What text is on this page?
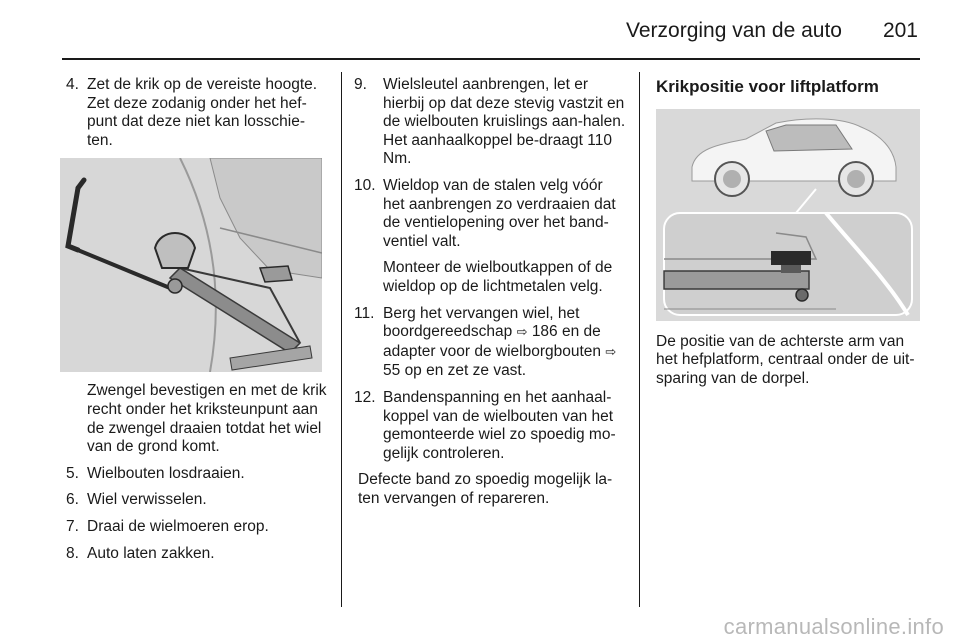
Verzorging van de auto 201
4. Zet de krik op de vereiste hoogte. Zet deze zodanig onder het hef-punt dat deze niet kan losschie-ten.

Zwengel bevestigen en met de krik recht onder het kriksteunpunt aan de zwengel draaien totdat het wiel van de grond komt.

5. Wielbouten losdraaien.
6. Wiel verwisselen.
7. Draai de wielmoeren erop.
8. Auto laten zakken.
9. Wielsleutel aanbrengen, let er hierbij op dat deze stevig vastzit en de wielbouten kruislings aan-halen. Het aanhaalkoppel be-draagt 110 Nm.
10. Wieldop van de stalen velg vóór het aanbrengen zo verdraaien dat de ventielopening over het band-ventiel valt.

Monteer de wielboutkappen of de wieldop op de lichtmetalen velg.

11. Berg het vervangen wiel, het boordgereedschap ⇨ 186 en de adapter voor de wielborgbouten ⇨ 55 op en zet ze vast.
12. Bandenspanning en het aanhaal-koppel van de wielbouten van het gemonteerde wiel zo spoedig mo-gelijk controleren.

Defecte band zo spoedig mogelijk la-ten vervangen of repareren.

Krikpositie voor liftplatform

De positie van de achterste arm van het hefplatform, centraal onder de uit-sparing van de dorpel.

carmanualsonline.info
